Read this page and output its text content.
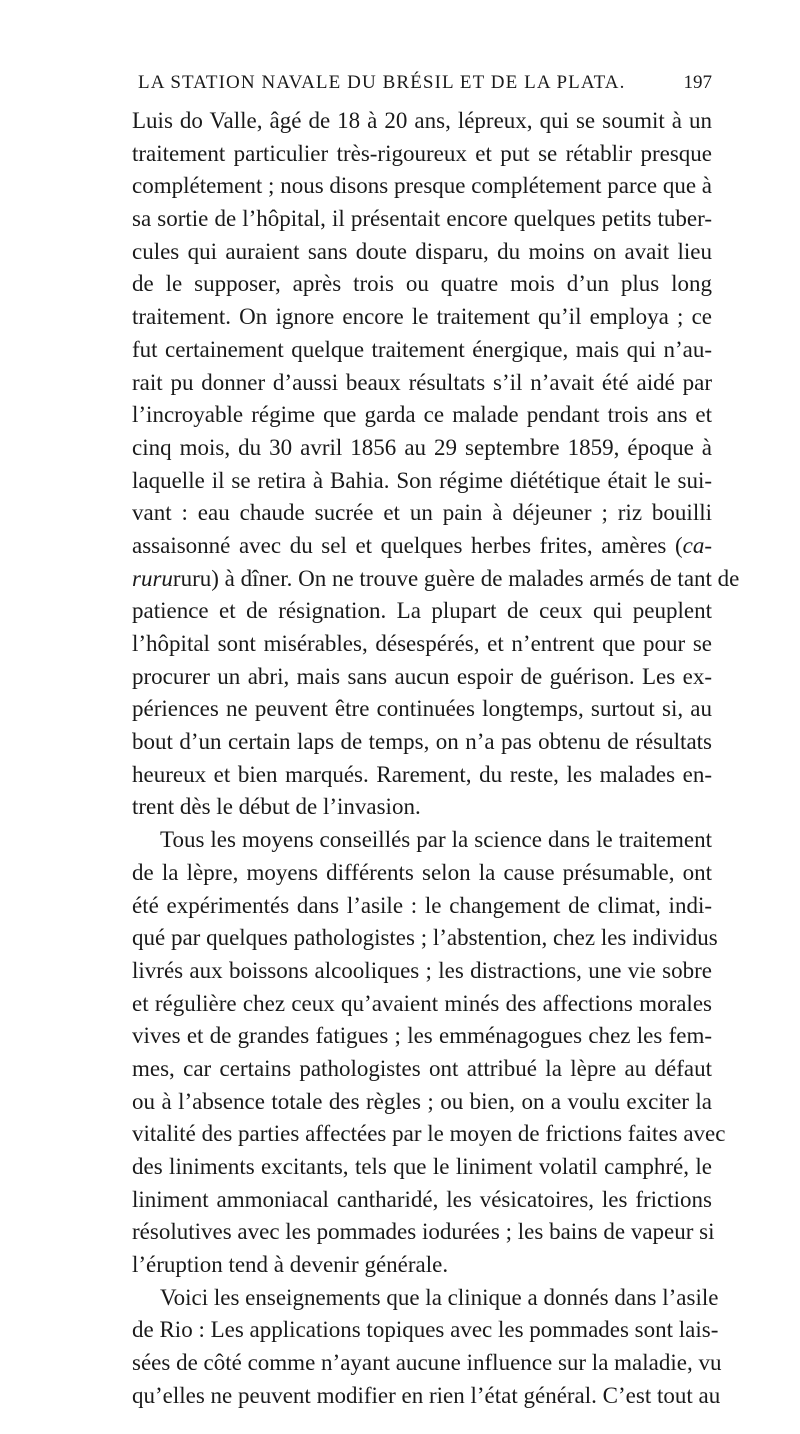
LA STATION NAVALE DU BRÉSIL ET DE LA PLATA.	197
Luis do Valle, âgé de 18 à 20 ans, lépreux, qui se soumit à un
traitement particulier très-rigoureux et put se rétablir presque
complétement ; nous disons presque complétement parce que à
sa sortie de l’hôpital, il présentait encore quelques petits tuber-
cules qui auraient sans doute disparu, du moins on avait lieu
de le supposer, après trois ou quatre mois d’un plus long
traitement. On ignore encore le traitement qu’il employa ; ce
fut certainement quelque traitement énergique, mais qui n’au-
rait pu donner d’aussi beaux résultats s’il n’avait été aidé par
l’incroyable régime que garda ce malade pendant trois ans et
cinq mois, du 30 avril 1856 au 29 septembre 1859, époque à
laquelle il se retira à Bahia. Son régime diététique était le sui-
vant : eau chaude sucrée et un pain à déjeuner ; riz bouilli
assaisonné avec du sel et quelques herbes frites, amères (ca-
rurururu) à dîner. On ne trouve guère de malades armés de tant de
patience et de résignation. La plupart de ceux qui peuplent
l’hôpital sont misérables, désespérés, et n’entrent que pour se
procurer un abri, mais sans aucun espoir de guérison. Les ex-
périences ne peuvent être continuées longtemps, surtout si, au
bout d’un certain laps de temps, on n’a pas obtenu de résultats
heureux et bien marqués. Rarement, du reste, les malades en-
trent dès le début de l’invasion.
Tous les moyens conseillés par la science dans le traitement
de la lèpre, moyens différents selon la cause présumable, ont
été expérimentés dans l’asile : le changement de climat, indi-
qué par quelques pathologistes ; l’abstention, chez les individus
livrés aux boissons alcooliques ; les distractions, une vie sobre
et régulière chez ceux qu’avaient minés des affections morales
vives et de grandes fatigues ; les emménagogues chez les fem-
mes, car certains pathologistes ont attribué la lèpre au défaut
ou à l’absence totale des règles ; ou bien, on a voulu exciter la
vitalité des parties affectées par le moyen de frictions faites avec
des liniments excitants, tels que le liniment volatil camphré, le
liniment ammoniacal cantharidé, les vésicatoires, les frictions
résolutives avec les pommades iodurées ; les bains de vapeur si
l’éruption tend à devenir générale.
Voici les enseignements que la clinique a donnés dans l’asile
de Rio : Les applications topiques avec les pommades sont lais-
sées de côté comme n’ayant aucune influence sur la maladie, vu
qu’elles ne peuvent modifier en rien l’état général. C’est tout au
